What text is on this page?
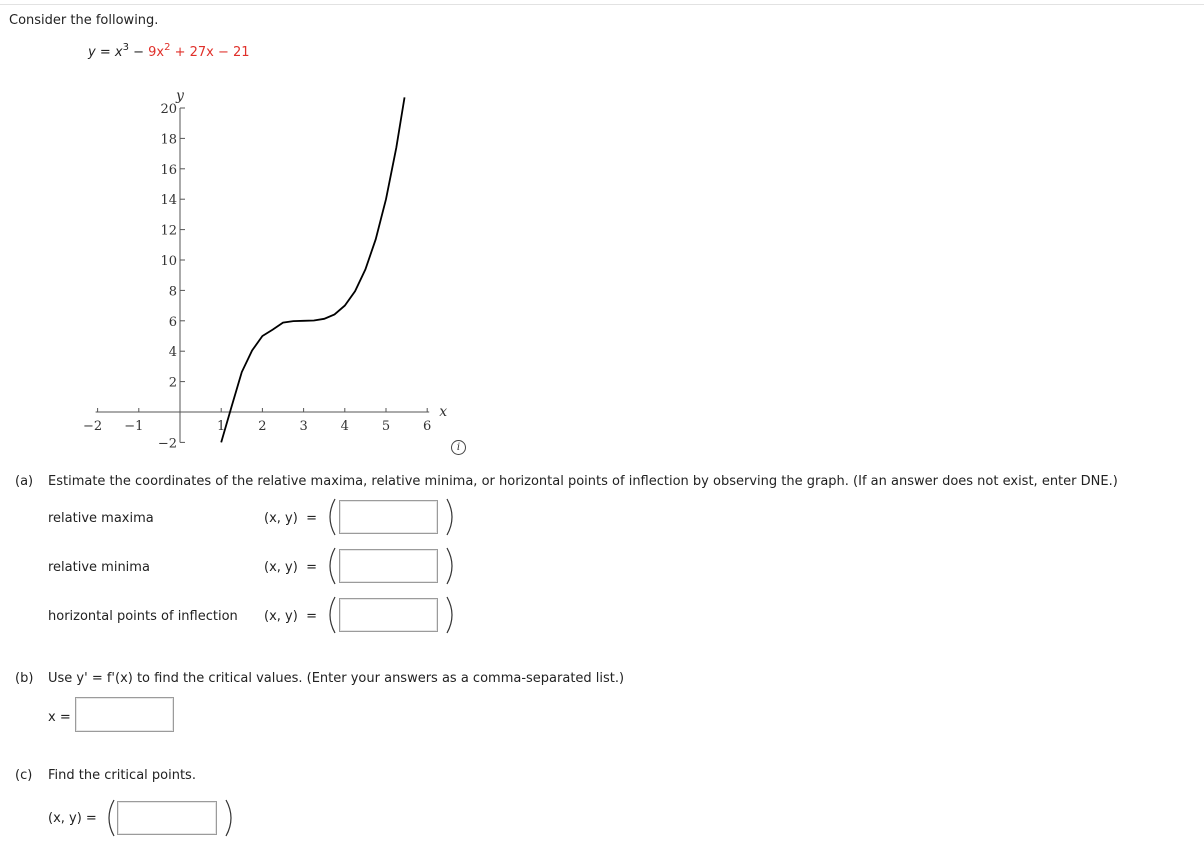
Consider the following.
$y = x^3 - 9x^2 + 27x - 21$
−2 −1	1	2	3	4	5	6
20
18
16
14
12
10
8
6
4
2
−2
y
x
i
(a) Estimate the coordinates of the relative maxima, relative minima, or horizontal points of inflection by observing the graph. (If an answer does not exist, enter DNE.)
relative maxima	(x, y) =
relative minima	(x, y) =
horizontal points of inflection (x, y) =
(b) Use y' = f'(x) to find the critical values. (Enter your answers as a comma-separated list.)
x =
(c) Find the critical points.
(x, y) =
